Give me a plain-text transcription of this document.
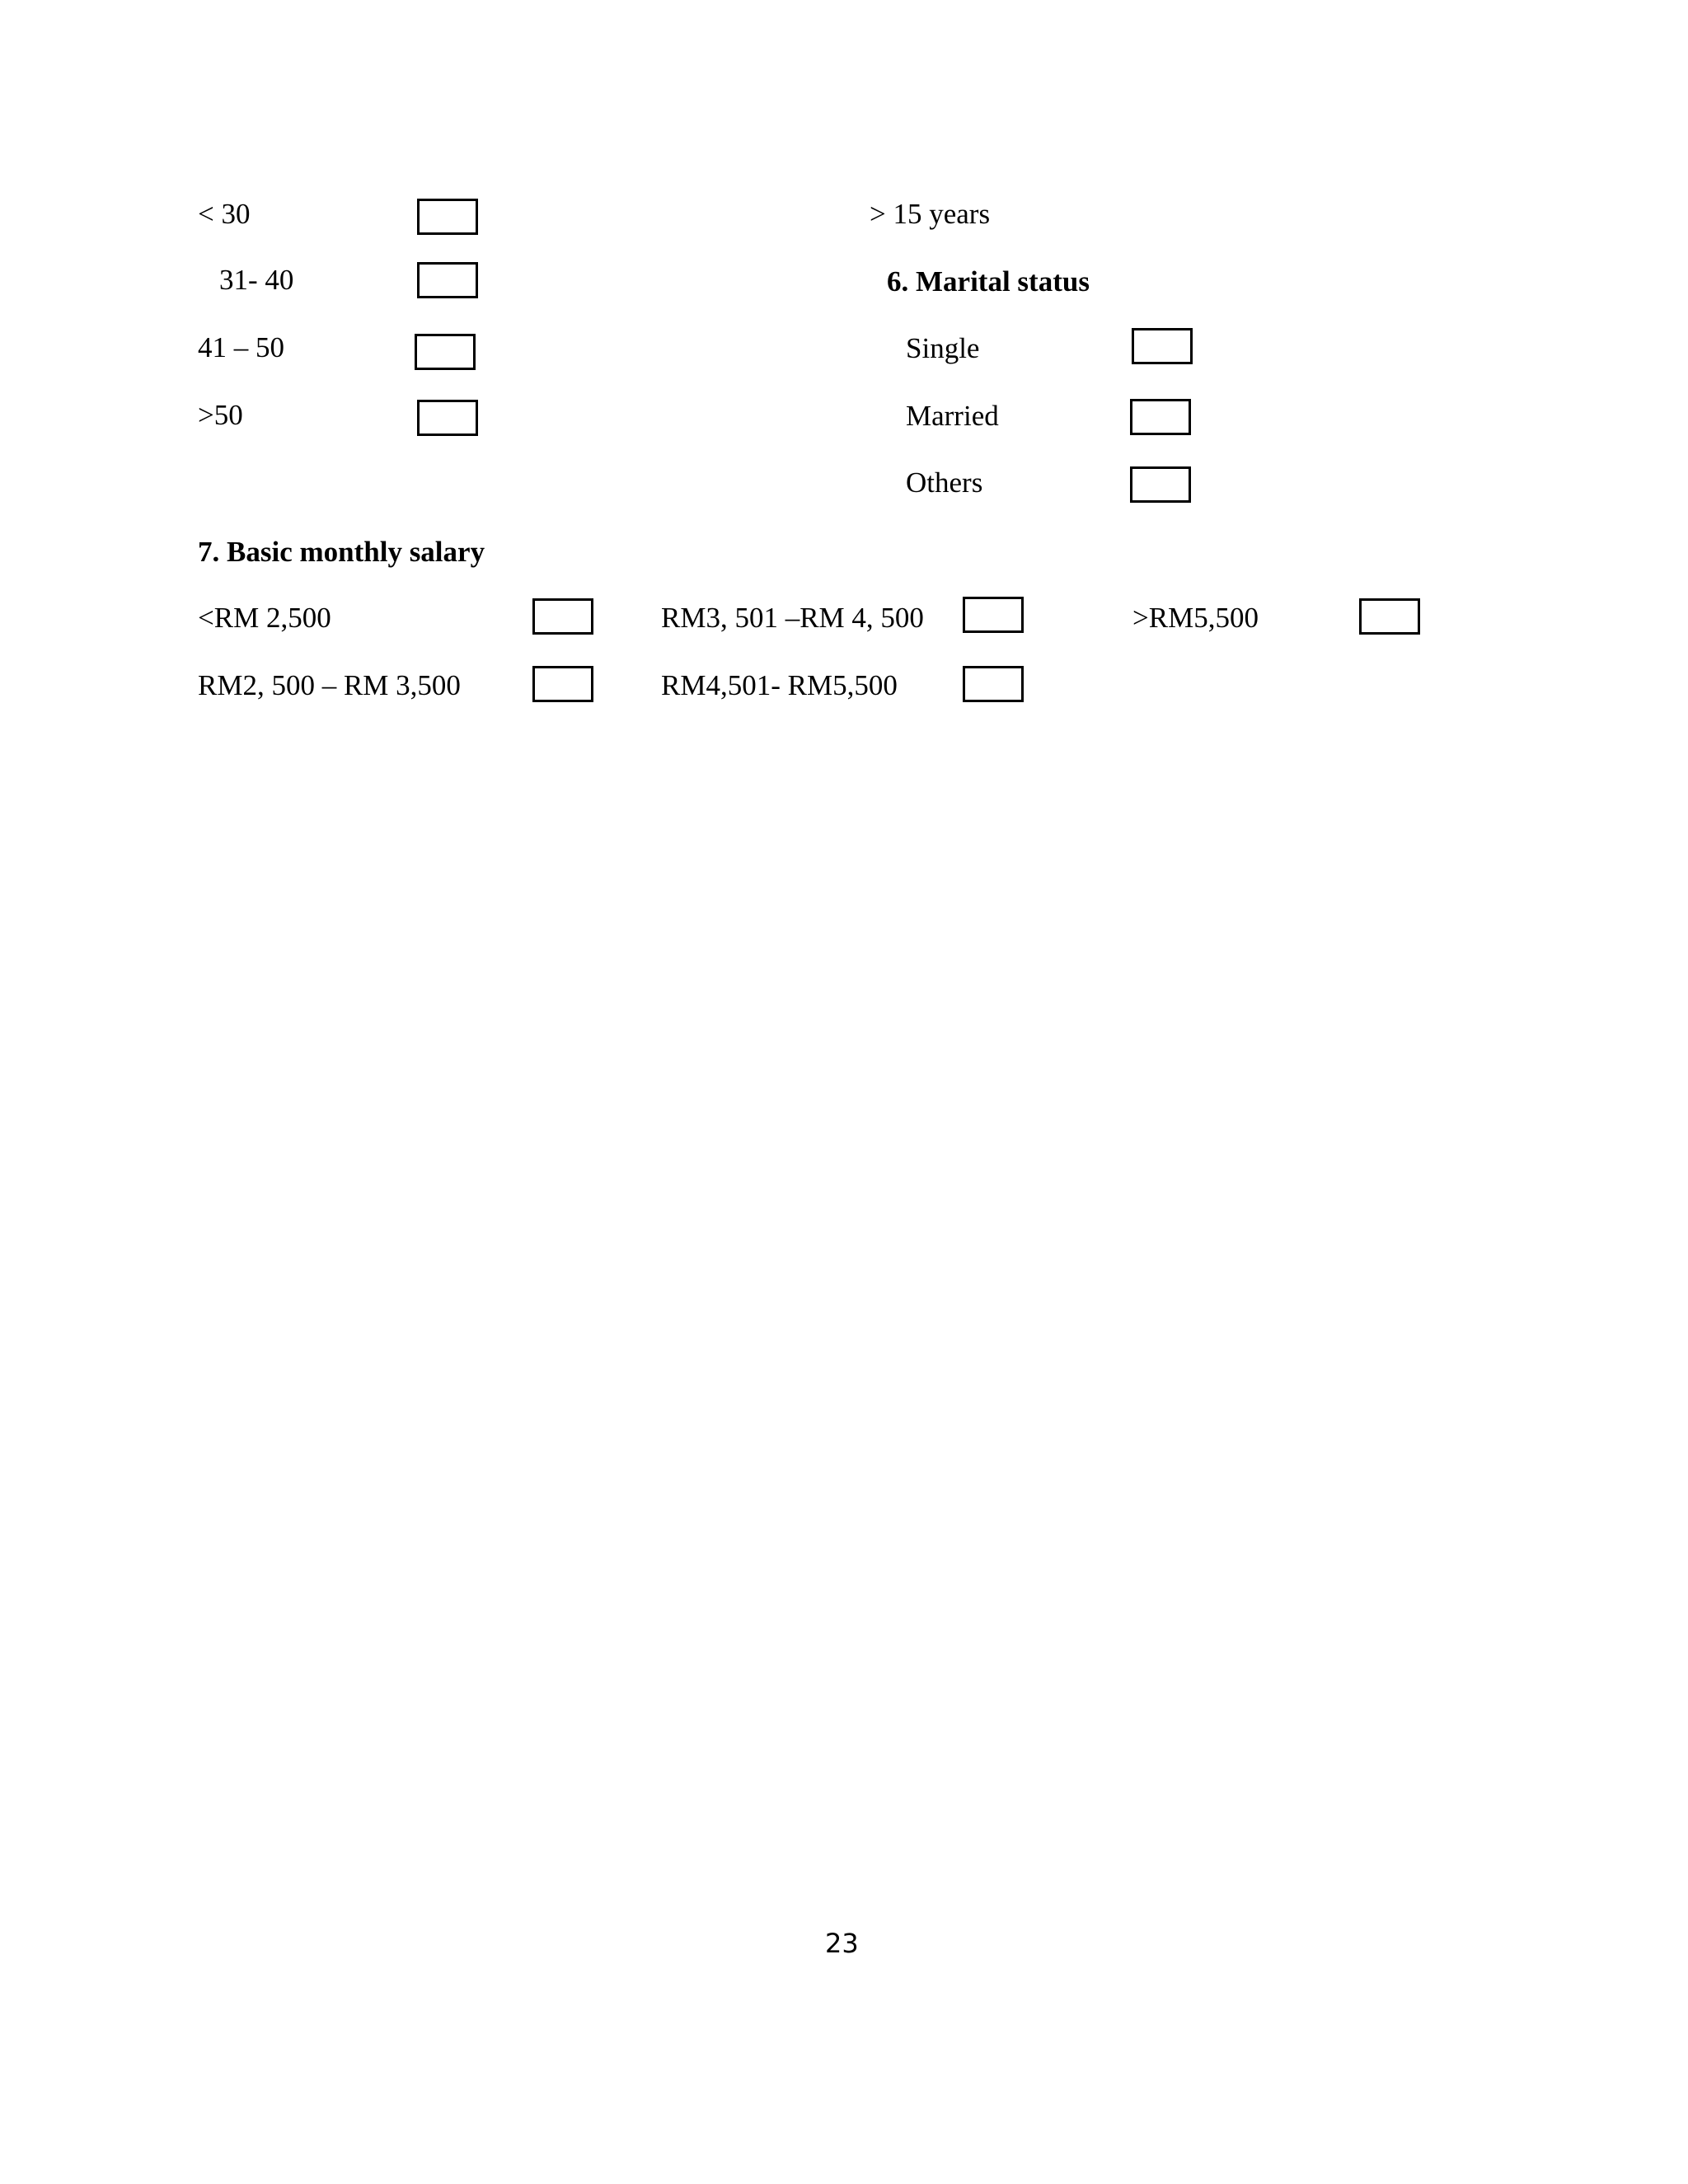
< 30
31- 40
41 – 50
>50
> 15 years
6. Marital status
Single
Married
Others
7. Basic monthly salary
<RM 2,500
RM2, 500 – RM 3,500
RM3, 501 –RM 4, 500
RM4,501- RM5,500
>RM5,500
23
